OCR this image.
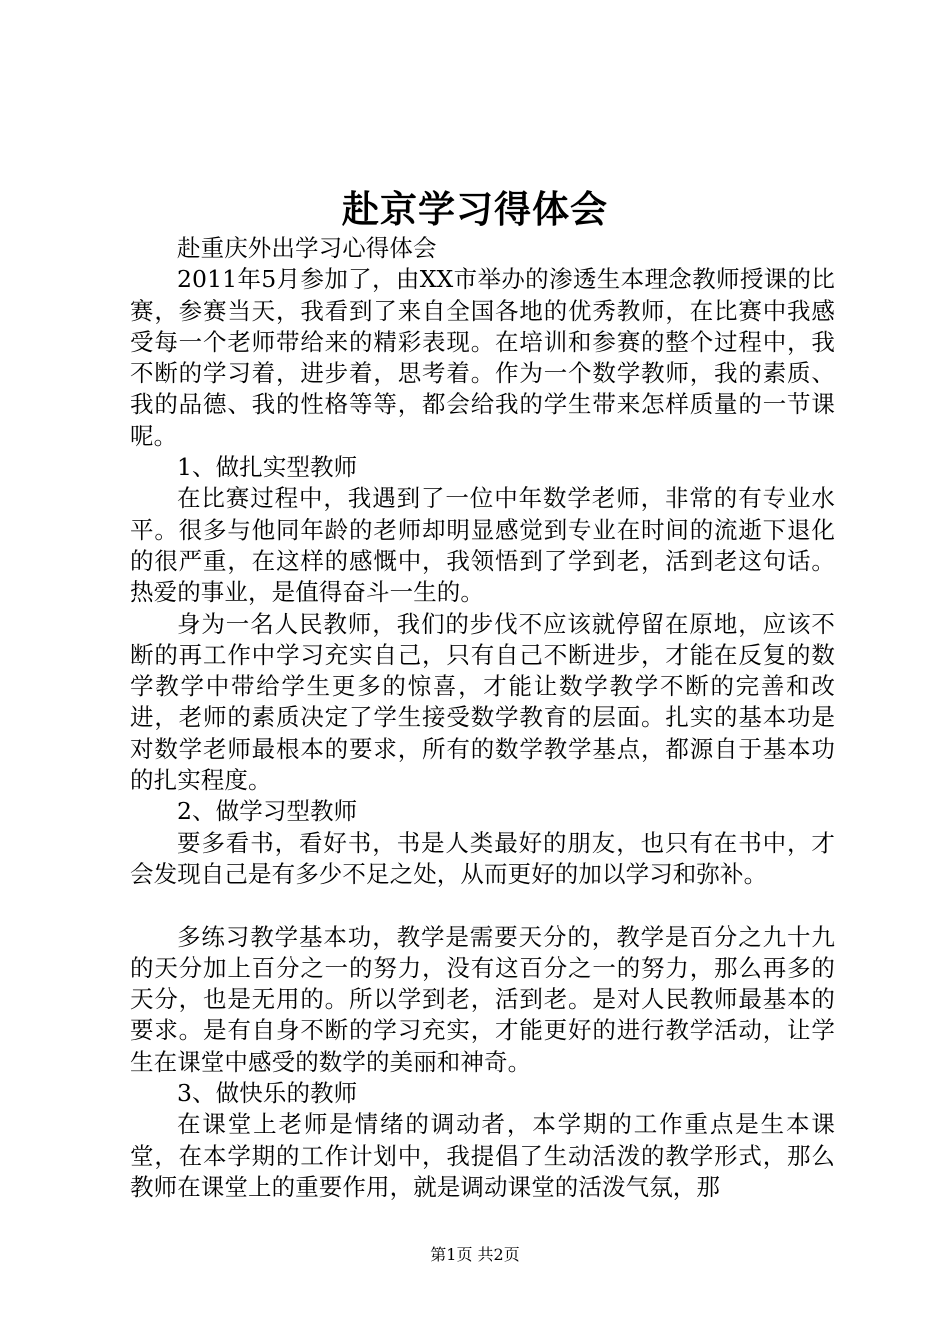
赴京学习得体会

赴重庆外出学习心得体会

2011年5月参加了，由XX市举办的渗透生本理念教师授课的比赛，参赛当天，我看到了来自全国各地的优秀教师，在比赛中我感受每一个老师带给来的精彩表现。在培训和参赛的整个过程中，我不断的学习着，进步着，思考着。作为一个数学教师，我的素质、我的品德、我的性格等等，都会给我的学生带来怎样质量的一节课呢。

1、做扎实型教师

在比赛过程中，我遇到了一位中年数学老师，非常的有专业水平。很多与他同年龄的老师却明显感觉到专业在时间的流逝下退化的很严重，在这样的感慨中，我领悟到了学到老，活到老这句话。热爱的事业，是值得奋斗一生的。

身为一名人民教师，我们的步伐不应该就停留在原地，应该不断的再工作中学习充实自己，只有自己不断进步，才能在反复的数学教学中带给学生更多的惊喜，才能让数学教学不断的完善和改进，老师的素质决定了学生接受数学教育的层面。扎实的基本功是对数学老师最根本的要求，所有的数学教学基点，都源自于基本功的扎实程度。

2、做学习型教师

要多看书，看好书，书是人类最好的朋友，也只有在书中，才会发现自己是有多少不足之处，从而更好的加以学习和弥补。

多练习教学基本功，教学是需要天分的，教学是百分之九十九的天分加上百分之一的努力，没有这百分之一的努力，那么再多的天分，也是无用的。所以学到老，活到老。是对人民教师最基本的要求。是有自身不断的学习充实，才能更好的进行教学活动，让学生在课堂中感受的数学的美丽和神奇。

3、做快乐的教师

在课堂上老师是情绪的调动者，本学期的工作重点是生本课堂，在本学期的工作计划中，我提倡了生动活泼的教学形式，那么教师在课堂上的重要作用，就是调动课堂的活泼气氛，那

第1页 共2页
